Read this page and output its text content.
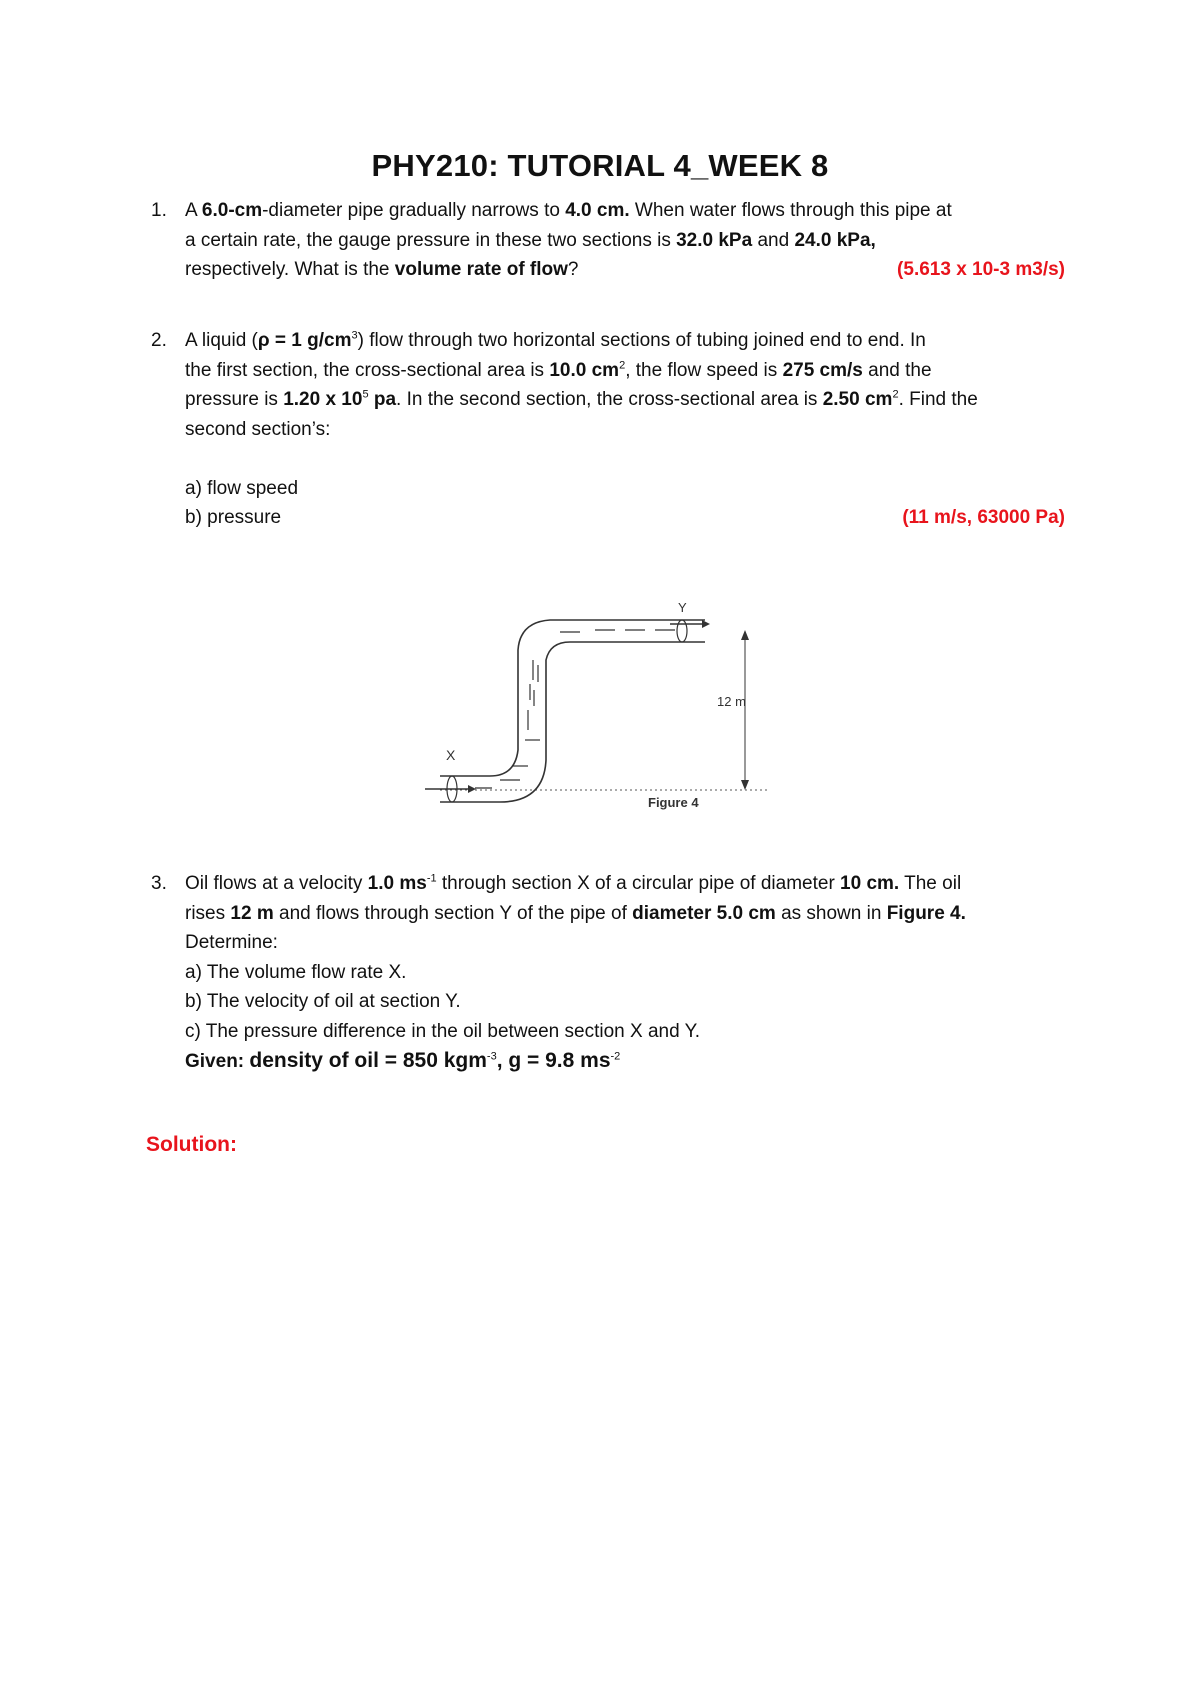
PHY210: TUTORIAL 4_WEEK 8
1. A 6.0-cm-diameter pipe gradually narrows to 4.0 cm. When water flows through this pipe at
a certain rate, the gauge pressure in these two sections is 32.0 kPa and 24.0 kPa,
respectively. What is the volume rate of flow?	(5.613 x 10-3 m3/s)
2. A liquid (ρ = 1 $g/cm^3$) flow through two horizontal sections of tubing joined end to end. In
the first section, the cross-sectional area is 10.0 $cm^2$, the flow speed is 275 cm/s and the
pressure is 1.20 x $10^5$ pa. In the second section, the cross-sectional area is 2.50 $cm^2$. Find the
second section’s:
a) flow speed
b) pressure	(11 m/s, 63000 Pa)
Y
X
12 m
Figure 4
3. Oil flows at a velocity 1.0 $ms^{-1}$ through section X of a circular pipe of diameter 10 cm. The oil
rises 12 m and flows through section Y of the pipe of diameter 5.0 cm as shown in Figure 4.
Determine:
a) The volume flow rate X.
b) The velocity of oil at section Y.
c) The pressure difference in the oil between section X and Y.
Given: density of oil = 850 kgm$^{-3}$, g = 9.8 $ms^{-2}$
Solution:
